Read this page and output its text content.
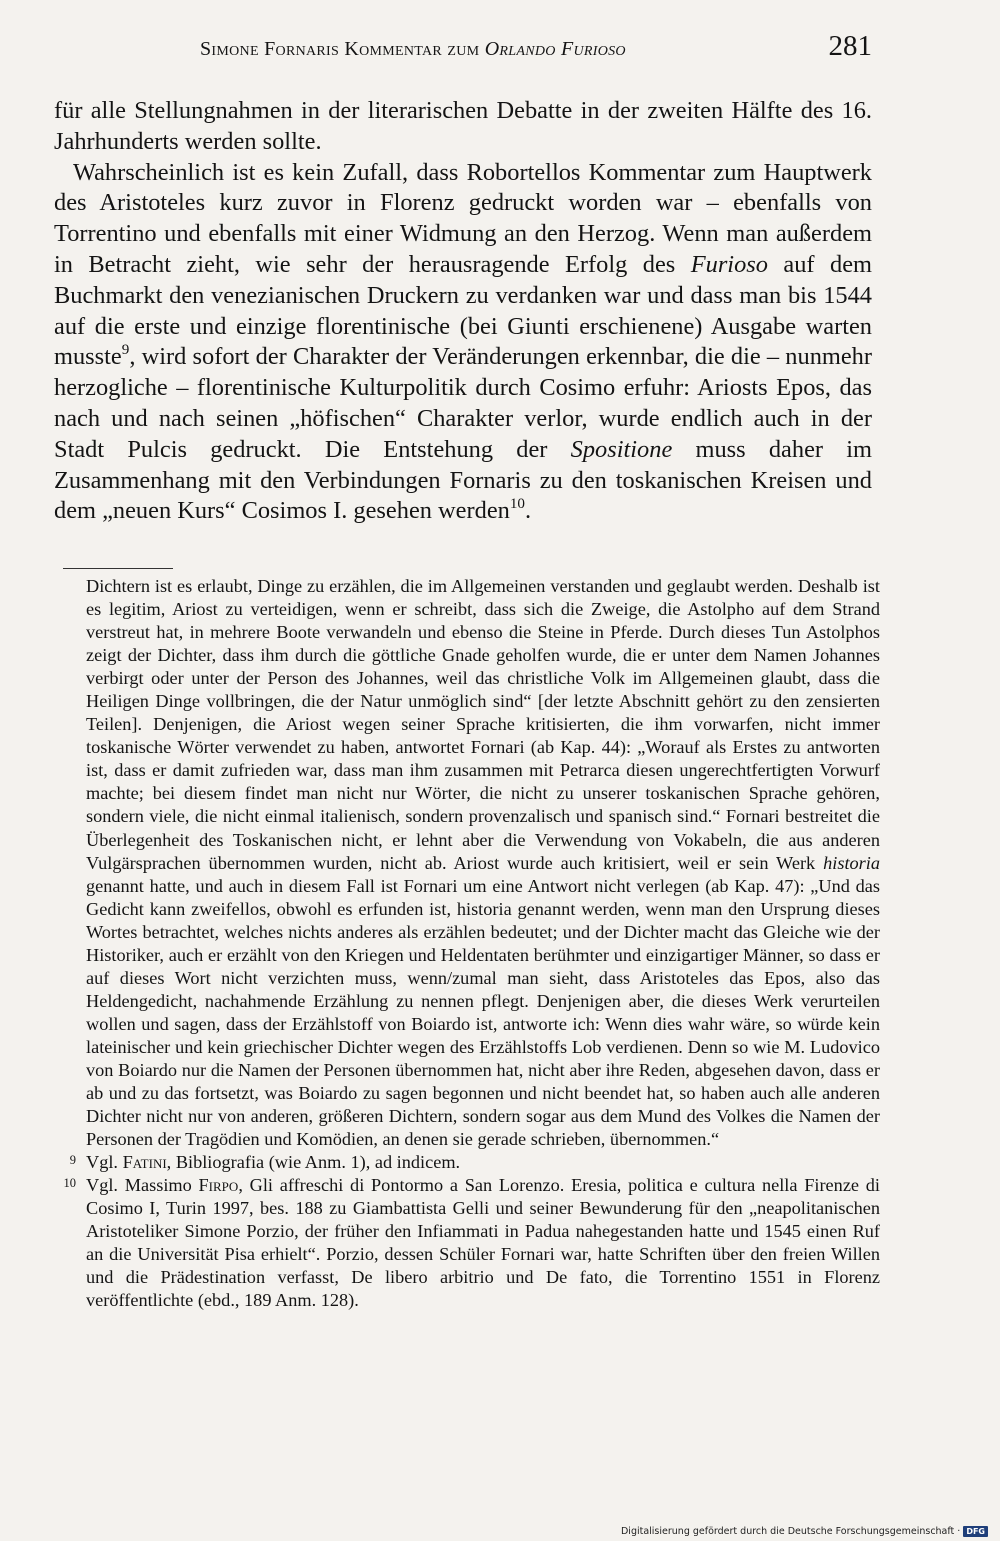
Simone Fornaris Kommentar zum Orlando Furioso	281

für alle Stellungnahmen in der literarischen Debatte in der zweiten Hälfte des 16. Jahrhunderts werden sollte.

Wahrscheinlich ist es kein Zufall, dass Robortellos Kommentar zum Hauptwerk des Aristoteles kurz zuvor in Florenz gedruckt worden war – ebenfalls von Torrentino und ebenfalls mit einer Widmung an den Herzog. Wenn man außerdem in Betracht zieht, wie sehr der herausragende Erfolg des Furioso auf dem Buchmarkt den venezianischen Druckern zu verdanken war und dass man bis 1544 auf die erste und einzige florentinische (bei Giunti erschienene) Ausgabe warten musste$^9$, wird sofort der Charakter der Veränderungen erkennbar, die die – nunmehr herzogliche – florentinische Kulturpolitik durch Cosimo erfuhr: Ariosts Epos, das nach und nach seinen „höfischen“ Charakter verlor, wurde endlich auch in der Stadt Pulcis gedruckt. Die Entstehung der Spositione muss daher im Zusammenhang mit den Verbindungen Fornaris zu den toskanischen Kreisen und dem „neuen Kurs“ Cosimos I. gesehen werden$^{10}$.

Dichtern ist es erlaubt, Dinge zu erzählen, die im Allgemeinen verstanden und geglaubt werden. Deshalb ist es legitim, Ariost zu verteidigen, wenn er schreibt, dass sich die Zweige, die Astolpho auf dem Strand verstreut hat, in mehrere Boote verwandeln und ebenso die Steine in Pferde. Durch dieses Tun Astolphos zeigt der Dichter, dass ihm durch die göttliche Gnade geholfen wurde, die er unter dem Namen Johannes verbirgt oder unter der Person des Johannes, weil das christliche Volk im Allgemeinen glaubt, dass die Heiligen Dinge vollbringen, die der Natur unmöglich sind“ [der letzte Abschnitt gehört zu den zensierten Teilen]. Denjenigen, die Ariost wegen seiner Sprache kritisierten, die ihm vorwarfen, nicht immer toskanische Wörter verwendet zu haben, antwortet Fornari (ab Kap. 44): „Worauf als Erstes zu antworten ist, dass er damit zufrieden war, dass man ihm zusammen mit Petrarca diesen ungerechtfertigten Vorwurf machte; bei diesem findet man nicht nur Wörter, die nicht zu unserer toskanischen Sprache gehören, sondern viele, die nicht einmal italienisch, sondern provenzalisch und spanisch sind.“ Fornari bestreitet die Überlegenheit des Toskanischen nicht, er lehnt aber die Verwendung von Vokabeln, die aus anderen Vulgärsprachen übernommen wurden, nicht ab. Ariost wurde auch kritisiert, weil er sein Werk historia genannt hatte, und auch in diesem Fall ist Fornari um eine Antwort nicht verlegen (ab Kap. 47): „Und das Gedicht kann zweifellos, obwohl es erfunden ist, historia genannt werden, wenn man den Ursprung dieses Wortes betrachtet, welches nichts anderes als erzählen bedeutet; und der Dichter macht das Gleiche wie der Historiker, auch er erzählt von den Kriegen und Heldentaten berühmter und einzigartiger Männer, so dass er auf dieses Wort nicht verzichten muss, wenn/zumal man sieht, dass Aristoteles das Epos, also das Heldengedicht, nachahmende Erzählung zu nennen pflegt. Denjenigen aber, die dieses Werk verurteilen wollen und sagen, dass der Erzählstoff von Boiardo ist, antworte ich: Wenn dies wahr wäre, so würde kein lateinischer und kein griechischer Dichter wegen des Erzählstoffs Lob verdienen. Denn so wie M. Ludovico von Boiardo nur die Namen der Personen übernommen hat, nicht aber ihre Reden, abgesehen davon, dass er ab und zu das fortsetzt, was Boiardo zu sagen begonnen und nicht beendet hat, so haben auch alle anderen Dichter nicht nur von anderen, größeren Dichtern, sondern sogar aus dem Mund des Volkes die Namen der Personen der Tragödien und Komödien, an denen sie gerade schrieben, übernommen.“

9 Vgl. Fatini, Bibliografia (wie Anm. 1), ad indicem.

10 Vgl. Massimo Firpo, Gli affreschi di Pontormo a San Lorenzo. Eresia, politica e cultura nella Firenze di Cosimo I, Turin 1997, bes. 188 zu Giambattista Gelli und seiner Bewunderung für den „neapolitanischen Aristoteliker Simone Porzio, der früher den Infiammati in Padua nahegestanden hatte und 1545 einen Ruf an die Universität Pisa erhielt“. Porzio, dessen Schüler Fornari war, hatte Schriften über den freien Willen und die Prädestination verfasst, De libero arbitrio und De fato, die Torrentino 1551 in Florenz veröffentlichte (ebd., 189 Anm. 128).

Digitalisierung gefördert durch die Deutsche Forschungsgemeinschaft · DFG
